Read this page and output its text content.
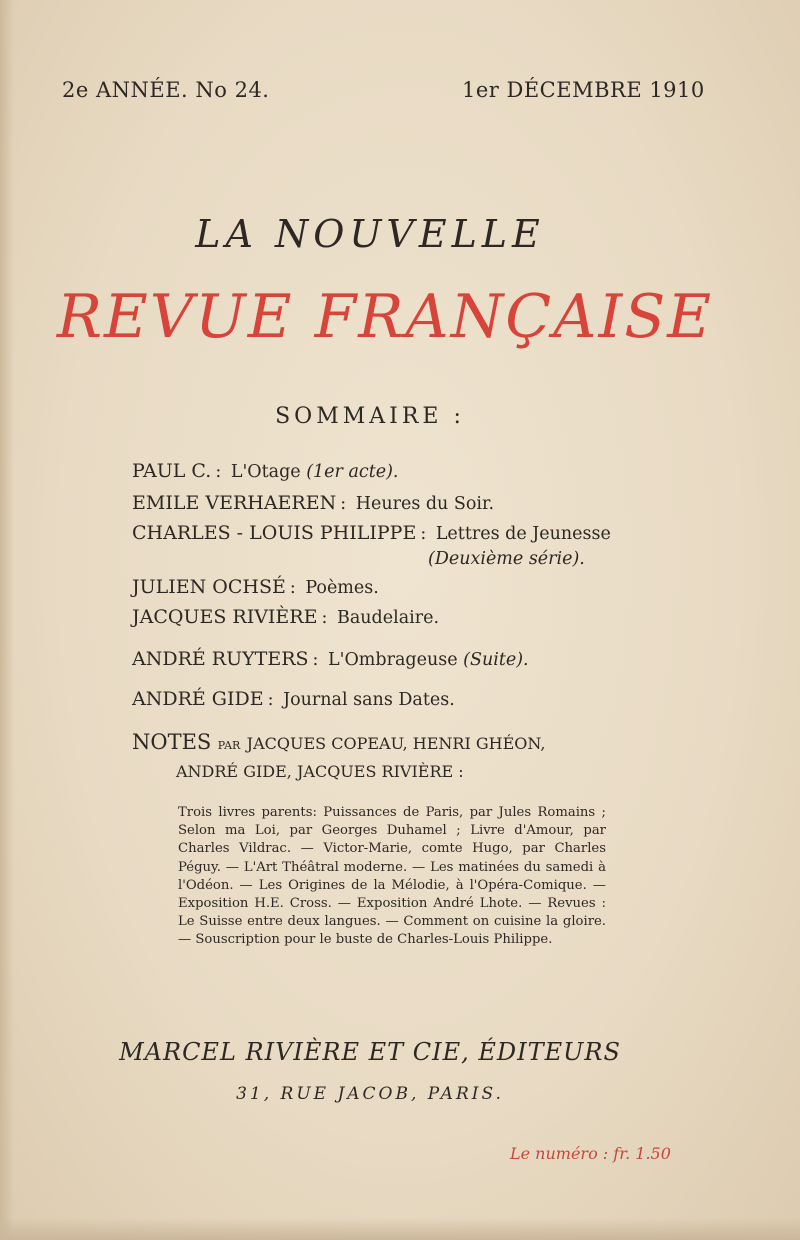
2e ANNÉE. No 24.	1er DÉCEMBRE 1910
LA NOUVELLE
REVUE FRANÇAISE
SOMMAIRE :
PAUL C. : L'Otage (1er acte).
EMILE VERHAEREN : Heures du Soir.
CHARLES - LOUIS PHILIPPE : Lettres de Jeunesse
(Deuxième série).
JULIEN OCHSÉ : Poèmes.
JACQUES RIVIÈRE : Baudelaire.
ANDRÉ RUYTERS : L'Ombrageuse (Suite).
ANDRÉ GIDE : Journal sans Dates.
NOTES par JACQUES COPEAU, HENRI GHÉON,
ANDRÉ GIDE, JACQUES RIVIÈRE :

Trois livres parents: Puissances de Paris, par Jules Romains ; Selon ma Loi, par Georges Duhamel ; Livre d'Amour, par Charles Vildrac. — Victor-Marie, comte Hugo, par Charles Péguy. — L'Art Théâtral moderne. — Les matinées du samedi à l'Odéon. — Les Origines de la Mélodie, à l'Opéra-Comique. — Exposition H.E. Cross. — Exposition André Lhote. — Revues : Le Suisse entre deux langues. — Comment on cuisine la gloire. — Souscription pour le buste de Charles-Louis Philippe.

MARCEL RIVIÈRE ET CIE, ÉDITEURS
31, RUE JACOB, PARIS.
Le numéro : fr. 1.50
